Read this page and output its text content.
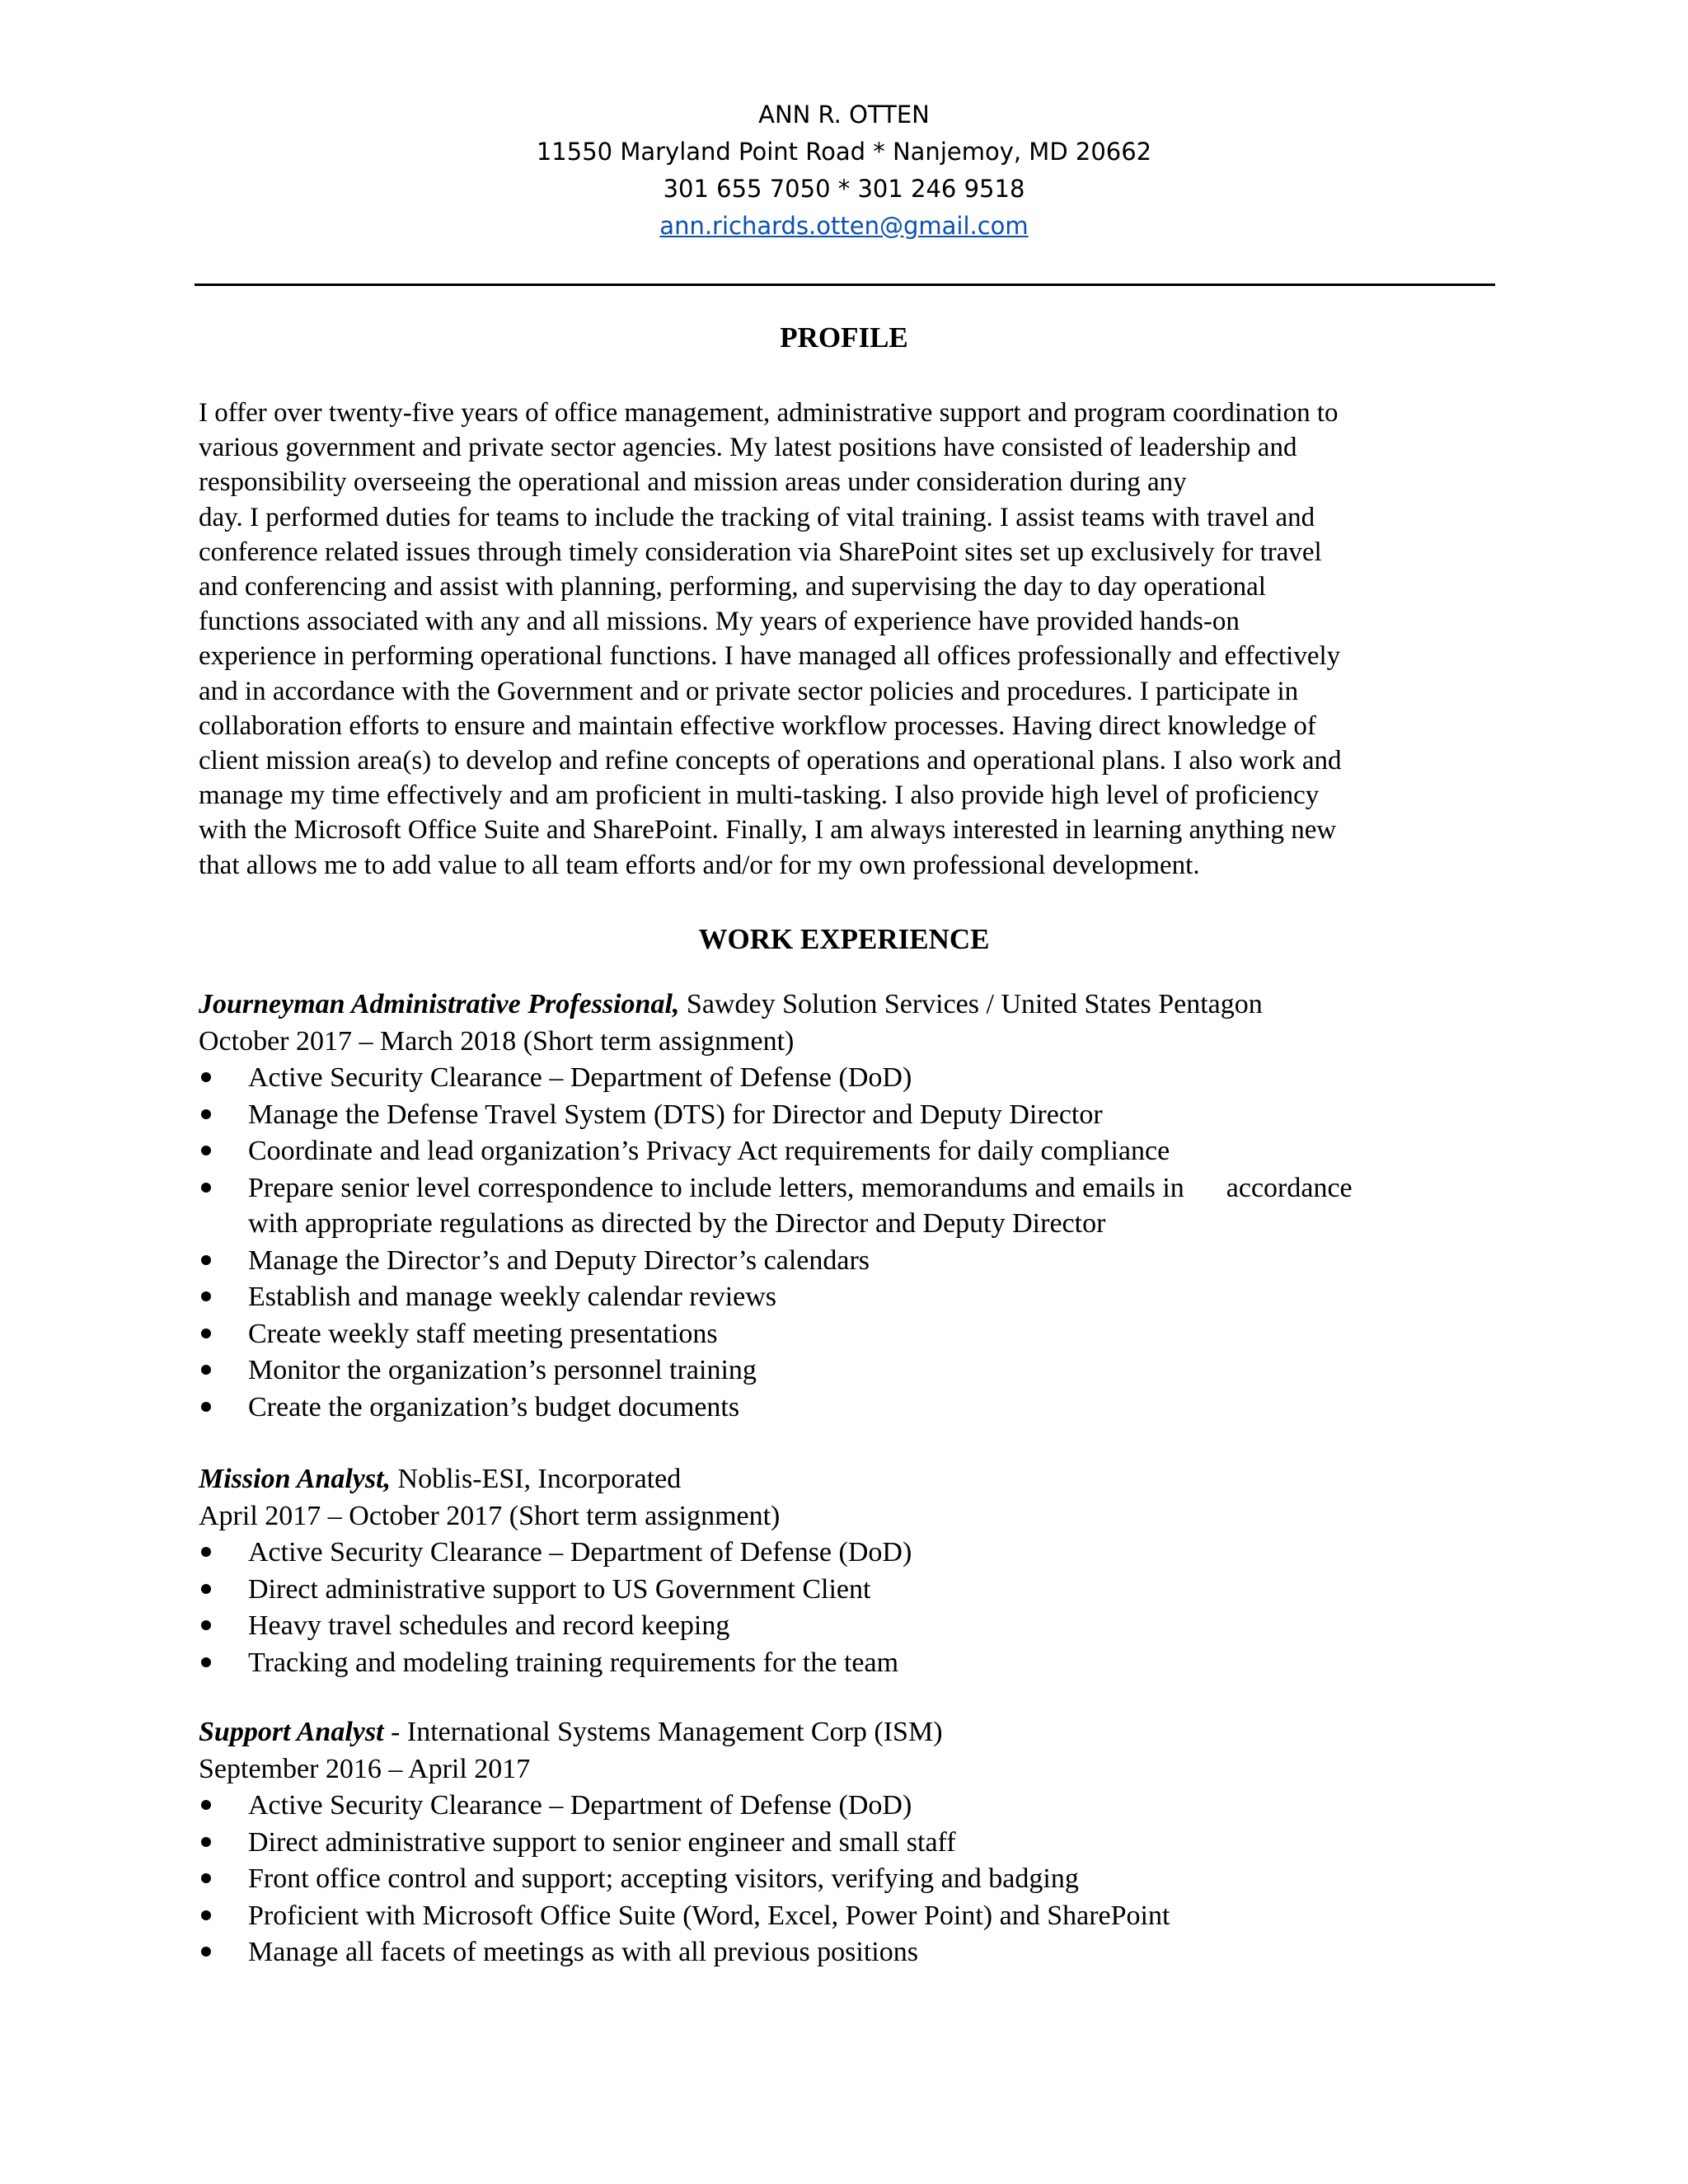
ANN R. OTTEN
11550 Maryland Point Road * Nanjemoy, MD 20662
301 655 7050 * 301 246 9518
ann.richards.otten@gmail.com
PROFILE
I offer over twenty-five years of office management, administrative support and program coordination to
various government and private sector agencies. My latest positions have consisted of leadership and
responsibility overseeing the operational and mission areas under consideration during any
day. I performed duties for teams to include the tracking of vital training. I assist teams with travel and
conference related issues through timely consideration via SharePoint sites set up exclusively for travel
and conferencing and assist with planning, performing, and supervising the day to day operational
functions associated with any and all missions. My years of experience have provided hands-on
experience in performing operational functions. I have managed all offices professionally and effectively
and in accordance with the Government and or private sector policies and procedures. I participate in
collaboration efforts to ensure and maintain effective workflow processes. Having direct knowledge of
client mission area(s) to develop and refine concepts of operations and operational plans. I also work and
manage my time effectively and am proficient in multi-tasking. I also provide high level of proficiency
with the Microsoft Office Suite and SharePoint. Finally, I am always interested in learning anything new
that allows me to add value to all team efforts and/or for my own professional development.
WORK EXPERIENCE
Journeyman Administrative Professional, Sawdey Solution Services / United States Pentagon
October 2017 – March 2018 (Short term assignment)
Active Security Clearance – Department of Defense (DoD)
Manage the Defense Travel System (DTS) for Director and Deputy Director
Coordinate and lead organization’s Privacy Act requirements for daily compliance
Prepare senior level correspondence to include letters, memorandums and emails in      accordance
with appropriate regulations as directed by the Director and Deputy Director
Manage the Director’s and Deputy Director’s calendars
Establish and manage weekly calendar reviews
Create weekly staff meeting presentations
Monitor the organization’s personnel training
Create the organization’s budget documents
Mission Analyst, Noblis-ESI, Incorporated
April 2017 – October 2017 (Short term assignment)
Active Security Clearance – Department of Defense (DoD)
Direct administrative support to US Government Client
Heavy travel schedules and record keeping
Tracking and modeling training requirements for the team
Support Analyst - International Systems Management Corp (ISM)
September 2016 – April 2017
Active Security Clearance – Department of Defense (DoD)
Direct administrative support to senior engineer and small staff
Front office control and support; accepting visitors, verifying and badging
Proficient with Microsoft Office Suite (Word, Excel, Power Point) and SharePoint
Manage all facets of meetings as with all previous positions
